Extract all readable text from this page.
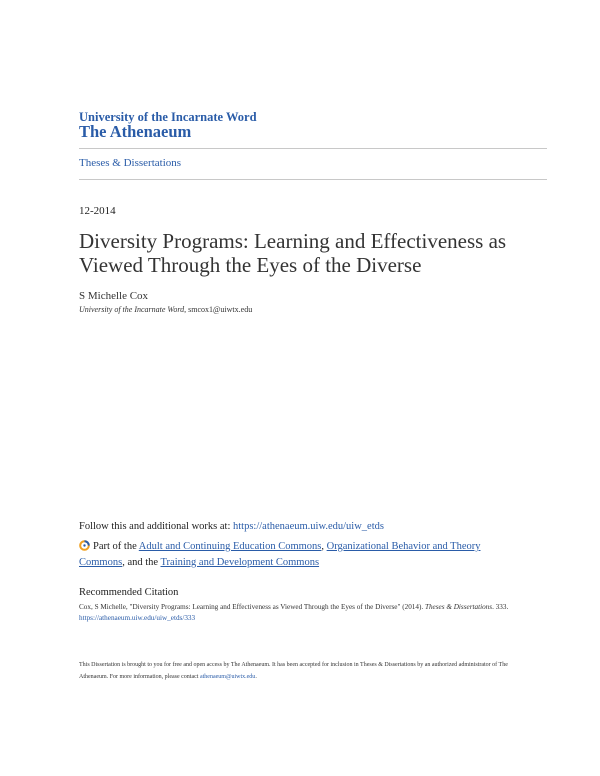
University of the Incarnate Word
The Athenaeum
Theses & Dissertations
12-2014
Diversity Programs: Learning and Effectiveness as Viewed Through the Eyes of the Diverse
S Michelle Cox
University of the Incarnate Word, smcox1@uiwtx.edu
Follow this and additional works at: https://athenaeum.uiw.edu/uiw_etds
Part of the Adult and Continuing Education Commons, Organizational Behavior and Theory Commons, and the Training and Development Commons
Recommended Citation
Cox, S Michelle, "Diversity Programs: Learning and Effectiveness as Viewed Through the Eyes of the Diverse" (2014). Theses & Dissertations. 333.
https://athenaeum.uiw.edu/uiw_etds/333
This Dissertation is brought to you for free and open access by The Athenaeum. It has been accepted for inclusion in Theses & Dissertations by an authorized administrator of The Athenaeum. For more information, please contact athenaeum@uiwtx.edu.
